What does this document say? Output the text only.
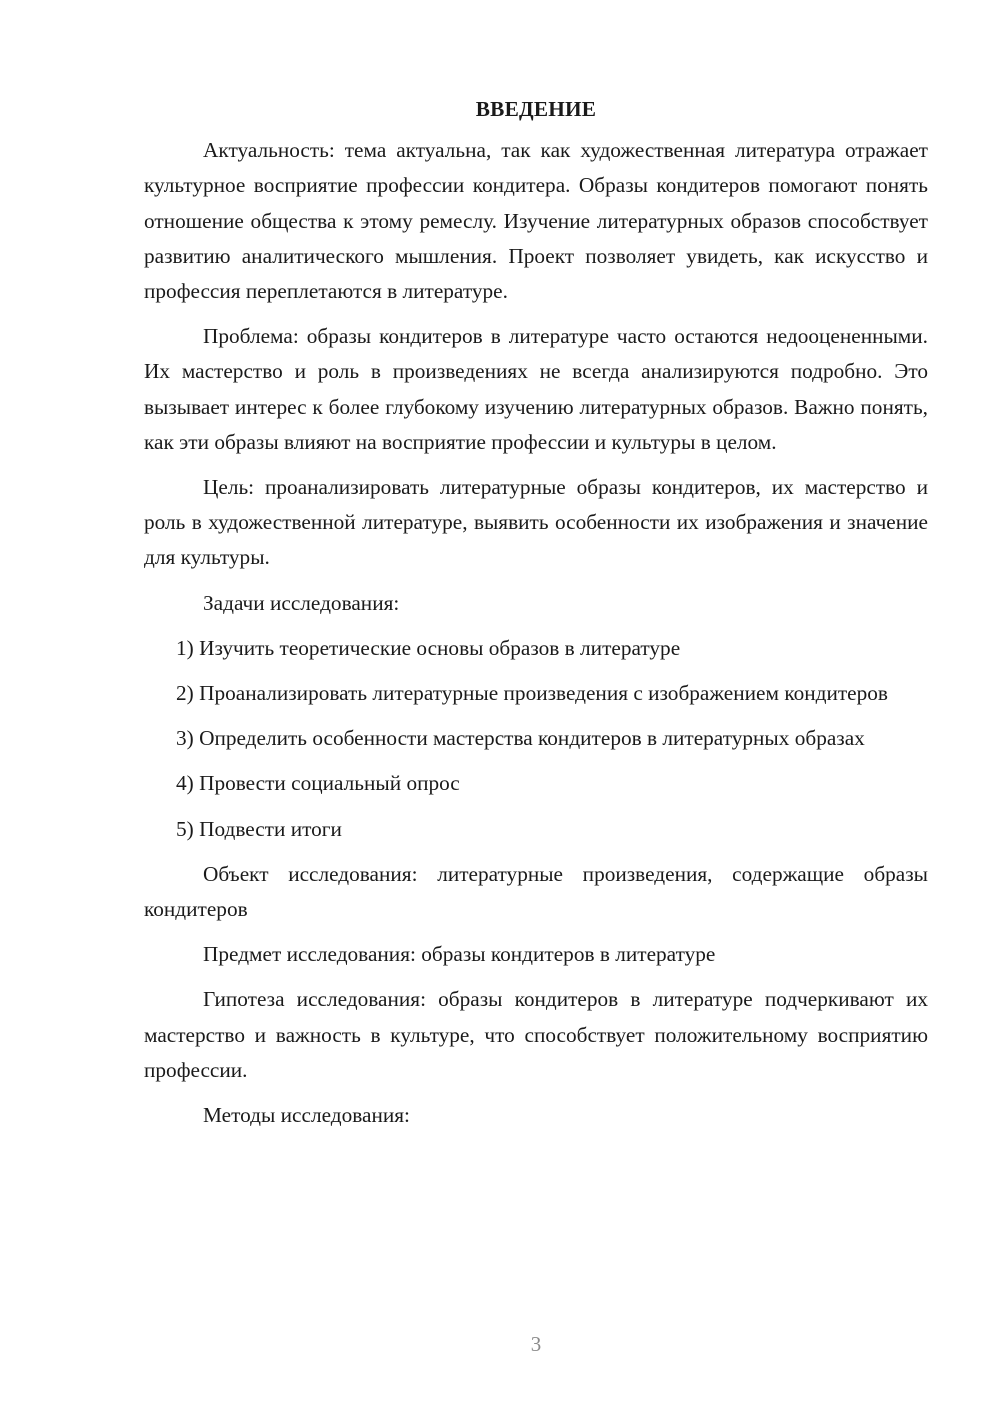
ВВЕДЕНИЕ

Актуальность: тема актуальна, так как художественная литература отражает культурное восприятие профессии кондитера. Образы кондитеров помогают понять отношение общества к этому ремеслу. Изучение литературных образов способствует развитию аналитического мышления. Проект позволяет увидеть, как искусство и профессия переплетаются в литературе.

Проблема: образы кондитеров в литературе часто остаются недооцененными. Их мастерство и роль в произведениях не всегда анализируются подробно. Это вызывает интерес к более глубокому изучению литературных образов. Важно понять, как эти образы влияют на восприятие профессии и культуры в целом.

Цель: проанализировать литературные образы кондитеров, их мастерство и роль в художественной литературе, выявить особенности их изображения и значение для культуры.

Задачи исследования:

1) Изучить теоретические основы образов в литературе

2) Проанализировать литературные произведения с изображением кондитеров

3) Определить особенности мастерства кондитеров в литературных образах

4) Провести социальный опрос

5) Подвести итоги

Объект исследования: литературные произведения, содержащие образы кондитеров

Предмет исследования: образы кондитеров в литературе

Гипотеза исследования: образы кондитеров в литературе подчеркивают их мастерство и важность в культуре, что способствует положительному восприятию профессии.

Методы исследования:

3
